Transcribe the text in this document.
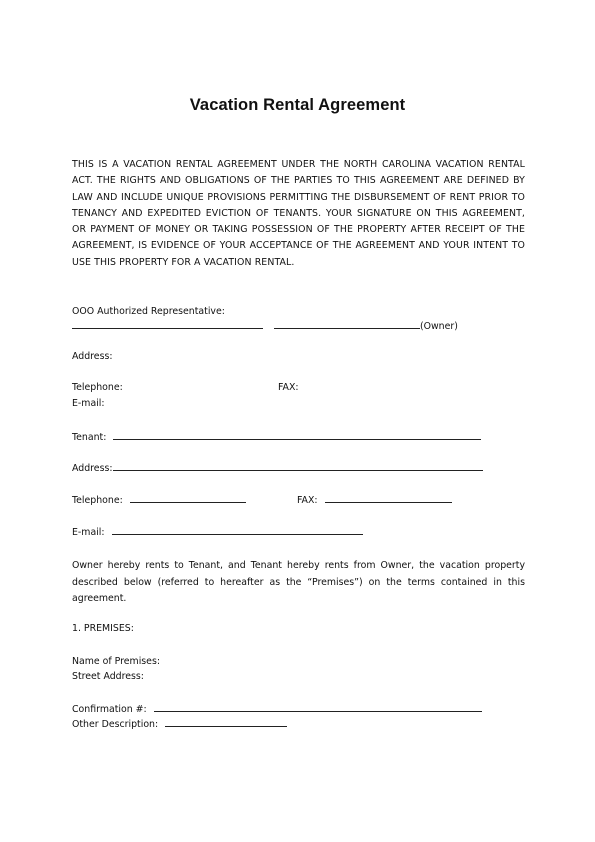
Vacation Rental Agreement
THIS IS A VACATION RENTAL AGREEMENT UNDER THE NORTH CAROLINA VACATION RENTAL ACT. THE RIGHTS AND OBLIGATIONS OF THE PARTIES TO THIS AGREEMENT ARE DEFINED BY LAW AND INCLUDE UNIQUE PROVISIONS PERMITTING THE DISBURSEMENT OF RENT PRIOR TO TENANCY AND EXPEDITED EVICTION OF TENANTS. YOUR SIGNATURE ON THIS AGREEMENT, OR PAYMENT OF MONEY OR TAKING POSSESSION OF THE PROPERTY AFTER RECEIPT OF THE AGREEMENT, IS EVIDENCE OF YOUR ACCEPTANCE OF THE AGREEMENT AND YOUR INTENT TO USE THIS PROPERTY FOR A VACATION RENTAL.
OOO Authorized Representative:
(Owner)
Address:
Telephone:	FAX:
E-mail:
Tenant:
Address:
Telephone:	FAX:
E-mail:
Owner hereby rents to Tenant, and Tenant hereby rents from Owner, the vacation property described below (referred to hereafter as the “Premises”) on the terms contained in this agreement.
1. PREMISES:
Name of Premises:
Street Address:
Confirmation #:
Other Description:
